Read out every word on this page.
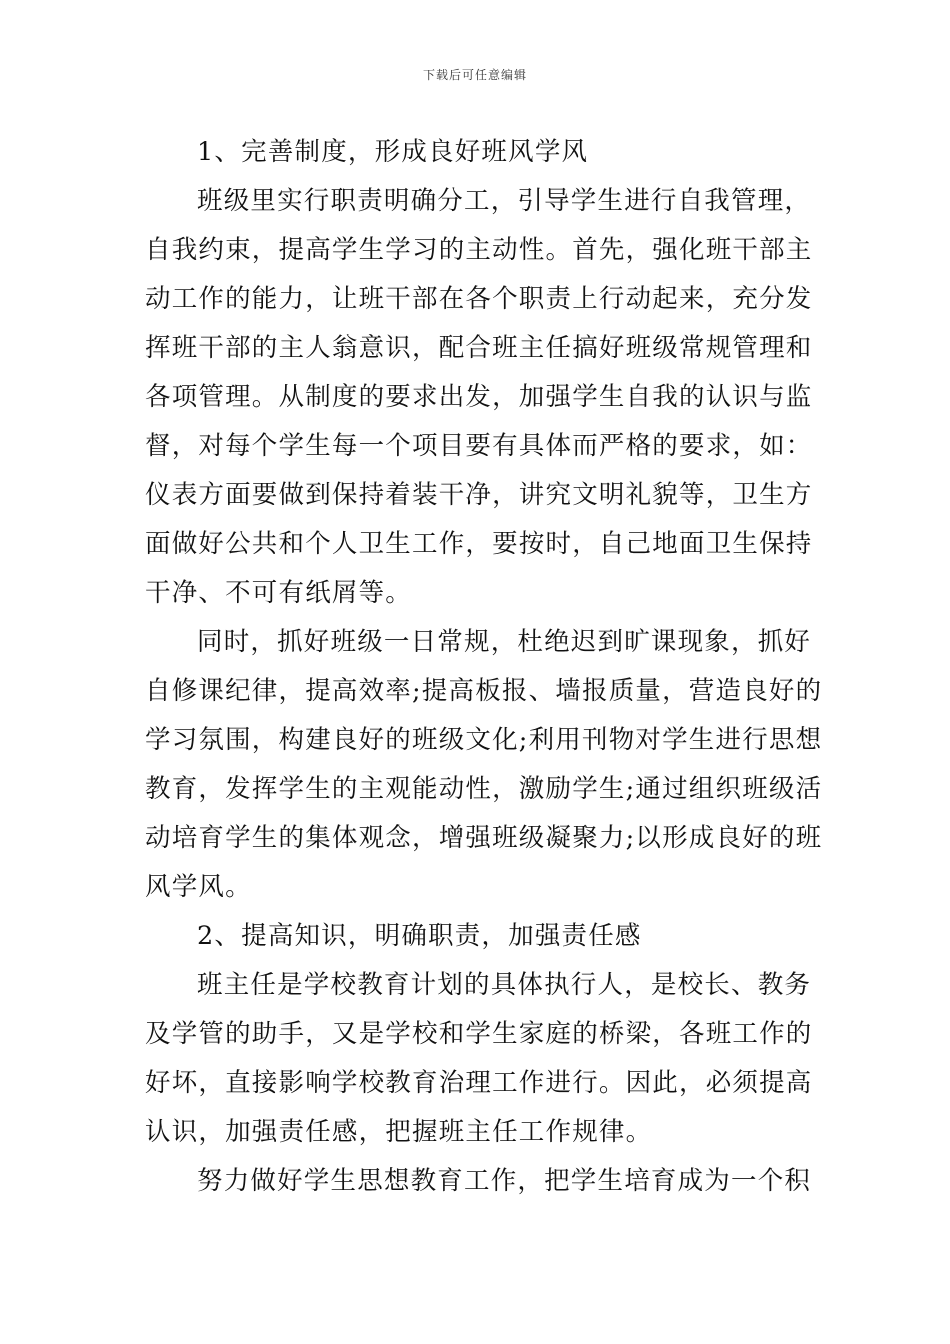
下载后可任意编辑
1、完善制度，形成良好班风学风
班级里实行职责明确分工，引导学生进行自我管理，
自我约束，提高学生学习的主动性。首先，强化班干部主
动工作的能力，让班干部在各个职责上行动起来，充分发
挥班干部的主人翁意识，配合班主任搞好班级常规管理和
各项管理。从制度的要求出发，加强学生自我的认识与监
督，对每个学生每一个项目要有具体而严格的要求，如：
仪表方面要做到保持着装干净，讲究文明礼貌等，卫生方
面做好公共和个人卫生工作，要按时，自己地面卫生保持
干净、不可有纸屑等。
同时，抓好班级一日常规，杜绝迟到旷课现象，抓好
自修课纪律，提高效率;提高板报、墙报质量，营造良好的
学习氛围，构建良好的班级文化;利用刊物对学生进行思想
教育，发挥学生的主观能动性，激励学生;通过组织班级活
动培育学生的集体观念，增强班级凝聚力;以形成良好的班
风学风。
2、提高知识，明确职责，加强责任感
班主任是学校教育计划的具体执行人，是校长、教务
及学管的助手，又是学校和学生家庭的桥梁，各班工作的
好坏，直接影响学校教育治理工作进行。因此，必须提高
认识，加强责任感，把握班主任工作规律。
努力做好学生思想教育工作，把学生培育成为一个积
